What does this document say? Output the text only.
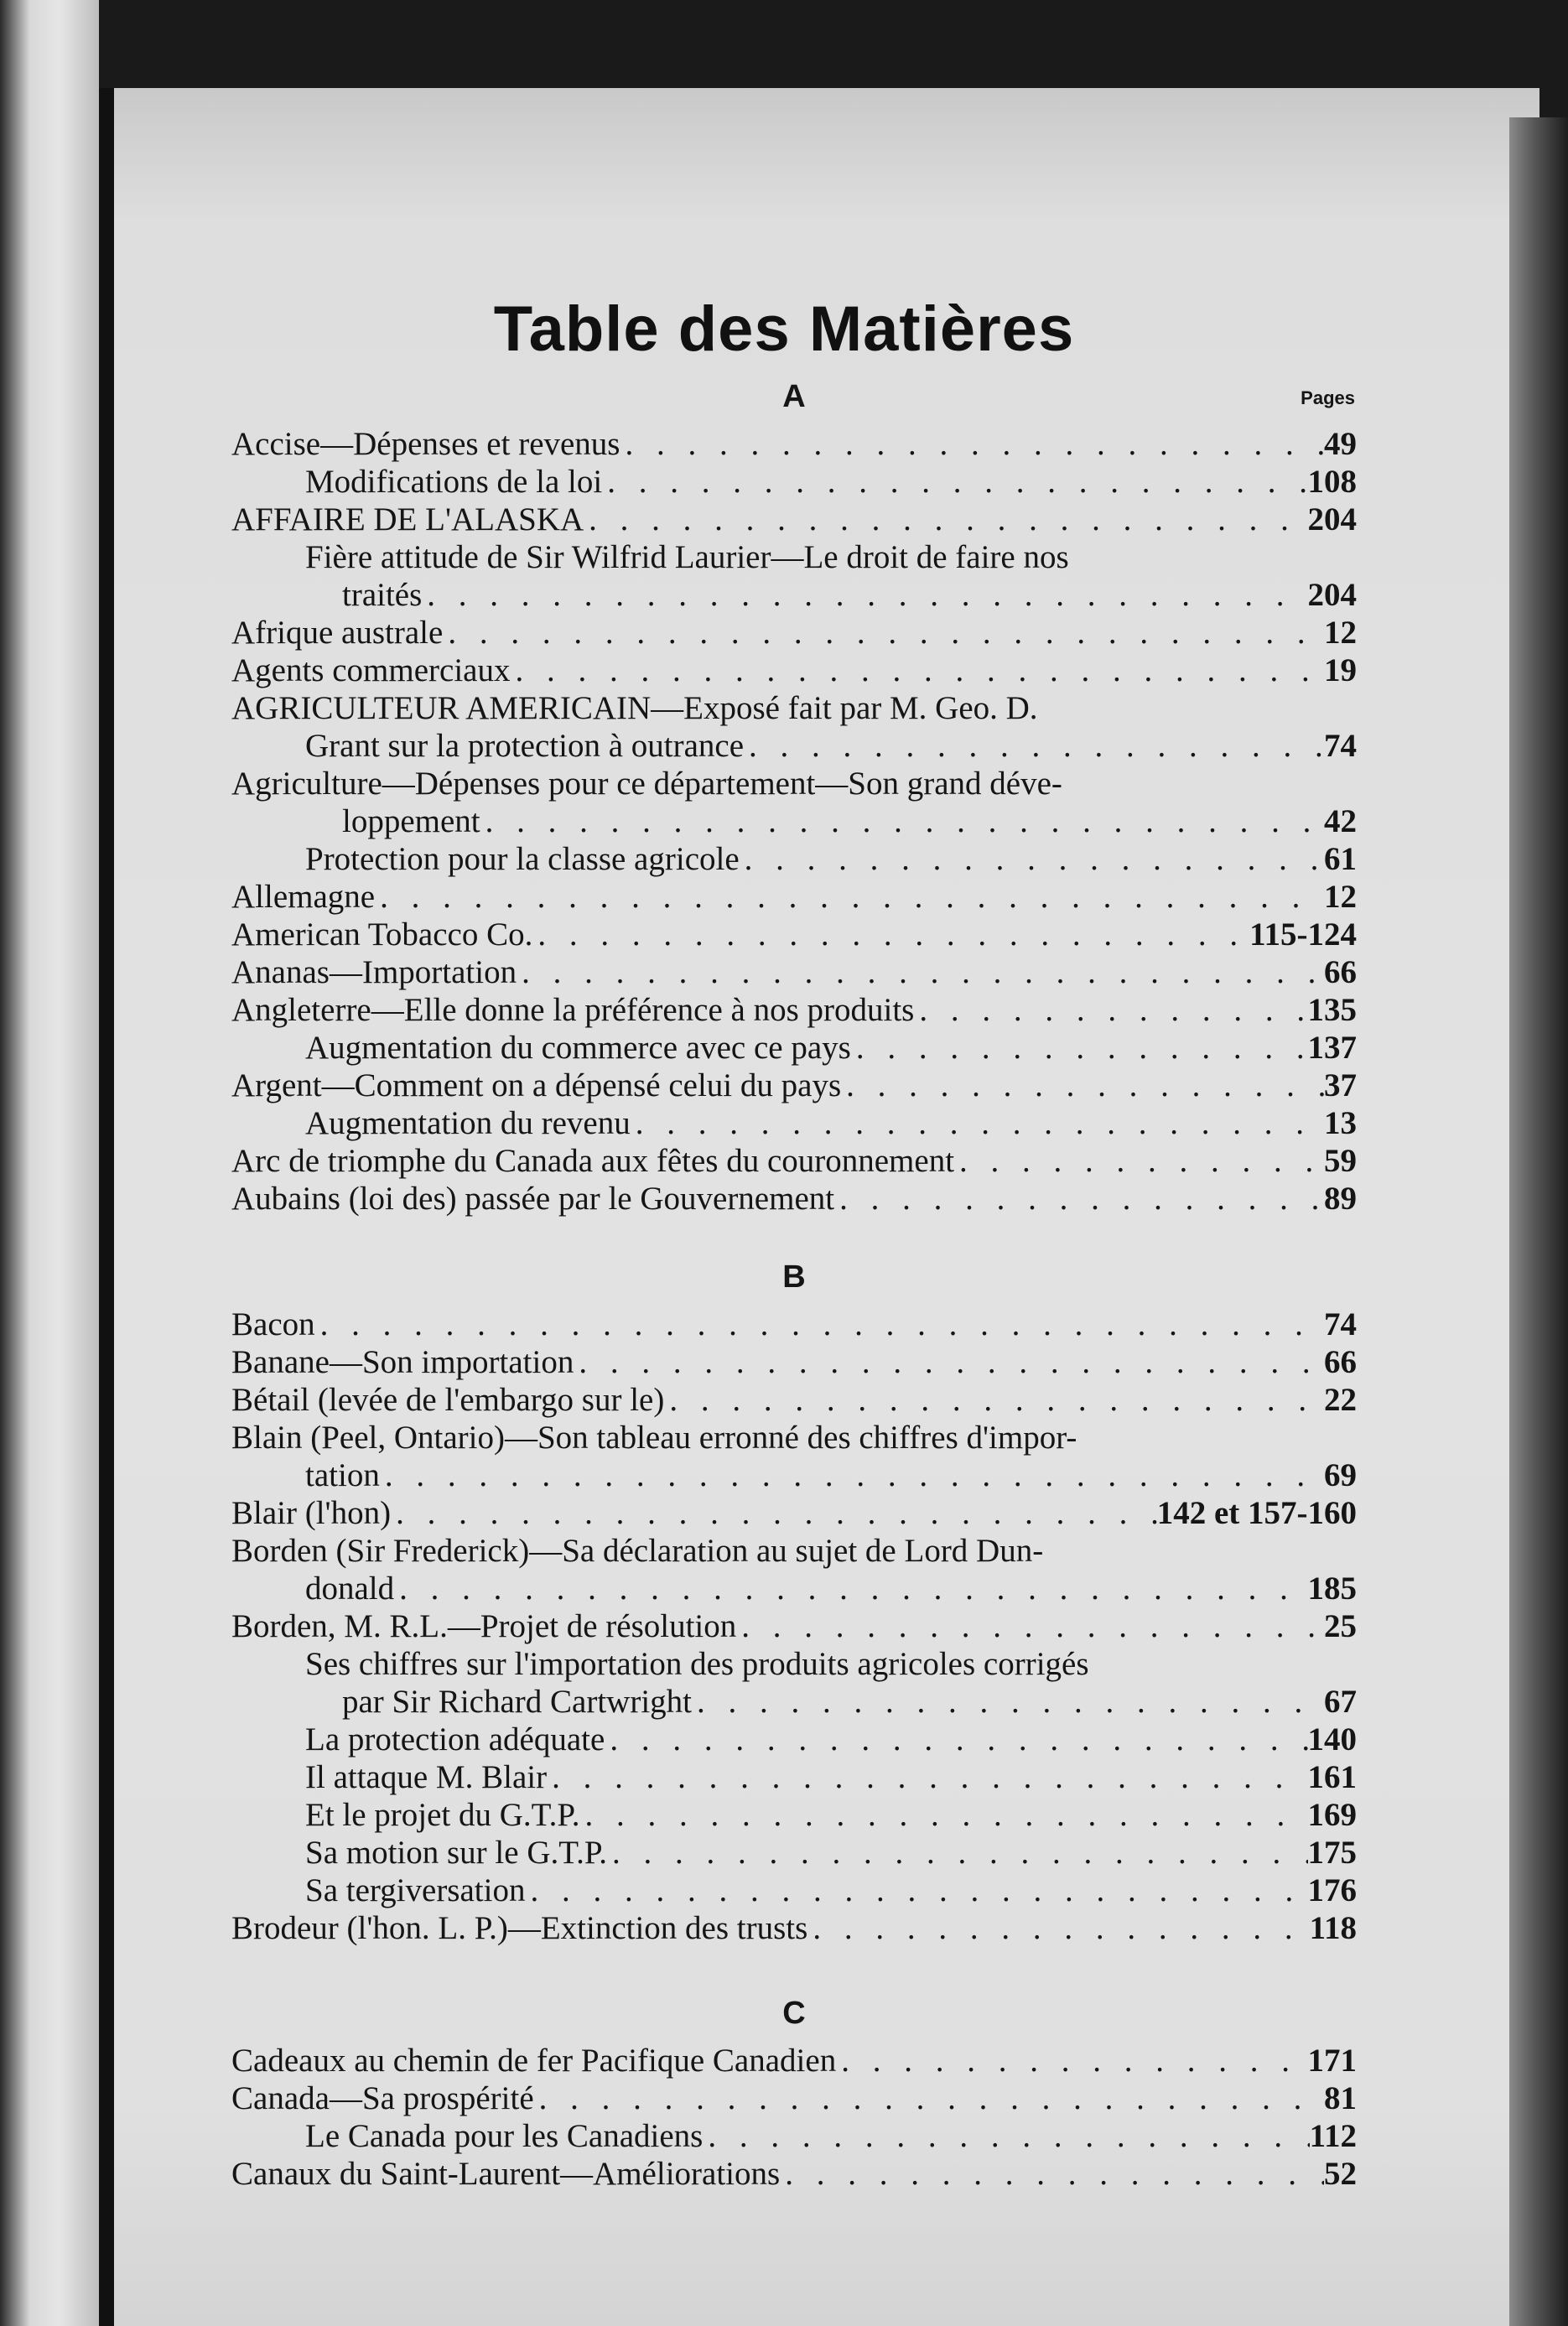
Table des Matières
A	Pages
Accise—Dépenses et revenus . . .	49
Modifications de la loi . . .	108
AFFAIRE DE L'ALASKA . . .	204
Fière attitude de Sir Wilfrid Laurier—Le droit de faire nos
traités . . .	204
Afrique australe . . .	12
Agents commerciaux . . .	19
AGRICULTEUR AMERICAIN—Exposé fait par M. Geo. D.
Grant sur la protection à outrance . . .	74
Agriculture—Dépenses pour ce département—Son grand déve-
loppement . . .	42
Protection pour la classe agricole . . .	61
Allemagne . . .	12
American Tobacco Co. . . .	115-124
Ananas—Importation . . .	66
Angleterre—Elle donne la préférence à nos produits . . .	135
Augmentation du commerce avec ce pays . . .	137
Argent—Comment on a dépensé celui du pays . . .	37
Augmentation du revenu . . .	13
Arc de triomphe du Canada aux fêtes du couronnement . . .	59
Aubains (loi des) passée par le Gouvernement . . .	89
B
Bacon . . .	74
Banane—Son importation . . .	66
Bétail (levée de l'embargo sur le) . . .	22
Blain (Peel, Ontario)—Son tableau erronné des chiffres d'impor-
tation . . .	69
Blair (l'hon) . . .	142 et 157-160
Borden (Sir Frederick)—Sa déclaration au sujet de Lord Dun-
donald . . .	185
Borden, M. R.L.—Projet de résolution . . .	25
Ses chiffres sur l'importation des produits agricoles corrigés
par Sir Richard Cartwright . . .	67
La protection adéquate . . .	140
Il attaque M. Blair . . .	161
Et le projet du G.T.P. . . .	169
Sa motion sur le G.T.P. . . .	175
Sa tergiversation . . .	176
Brodeur (l'hon. L. P.)—Extinction des trusts . . .	118
C
Cadeaux au chemin de fer Pacifique Canadien . . .	171
Canada—Sa prospérité . . .	81
Le Canada pour les Canadiens . . .	112
Canaux du Saint-Laurent—Améliorations . . .	52
